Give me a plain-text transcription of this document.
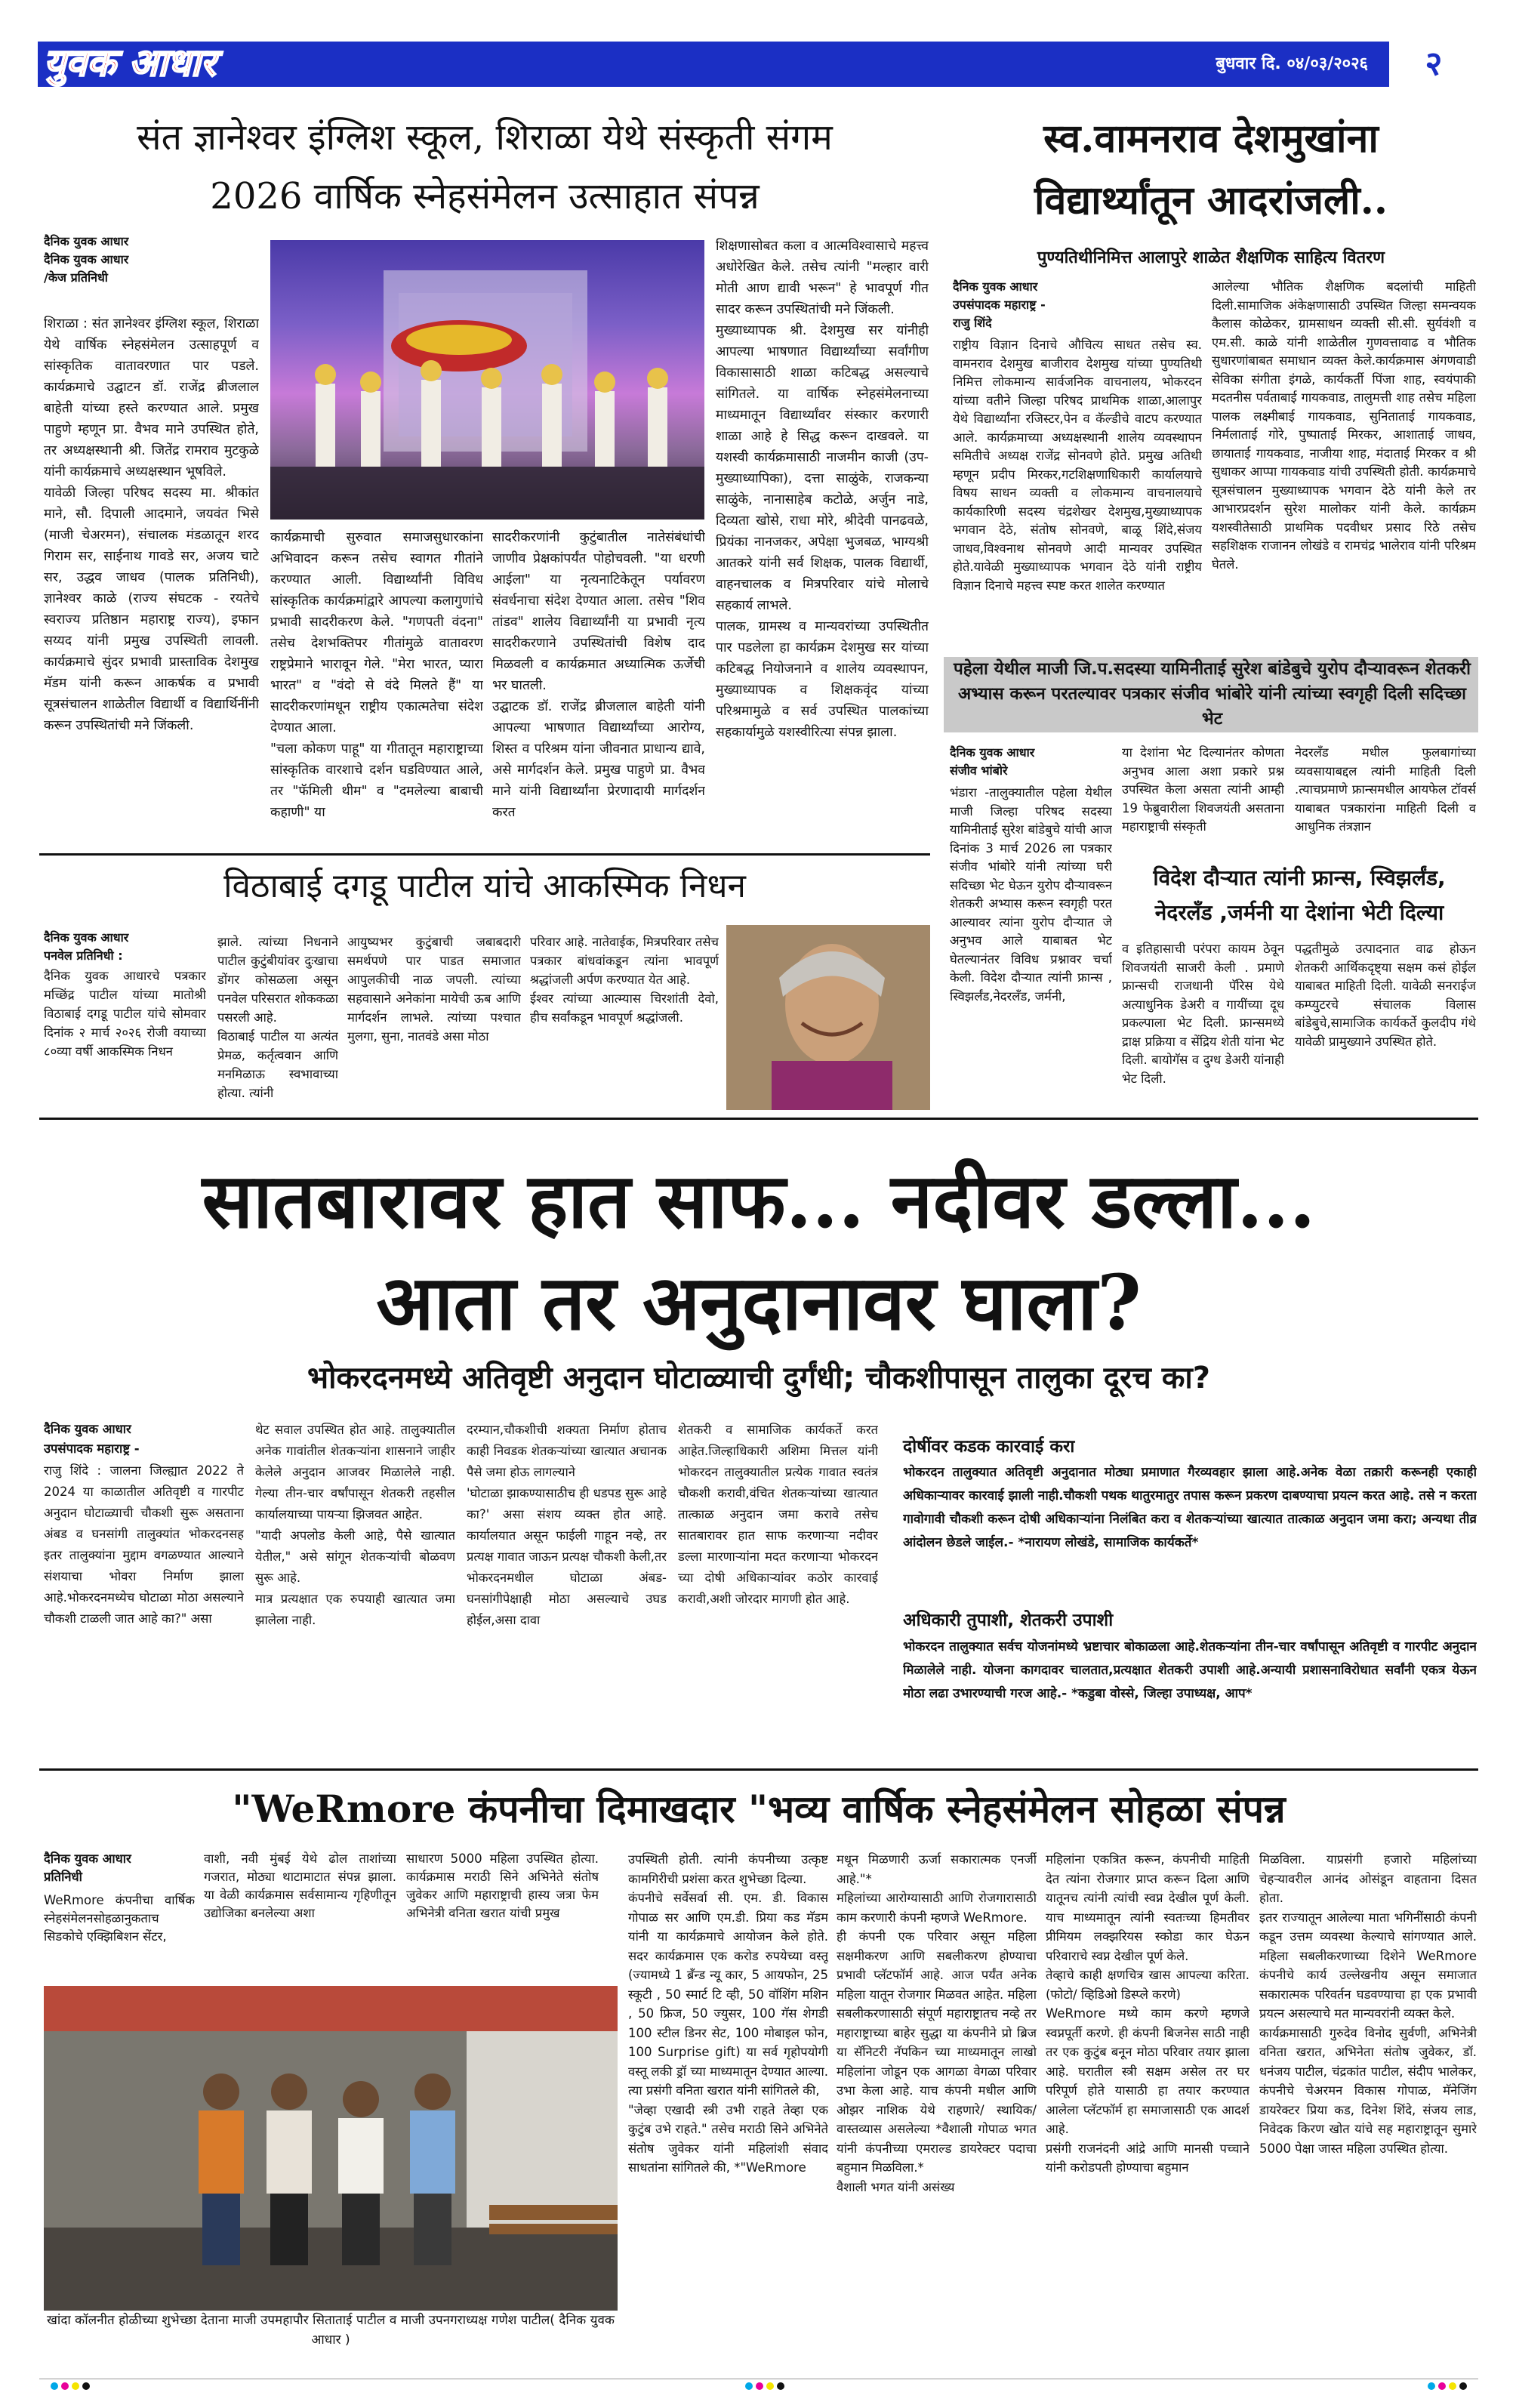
युवक आधार	बुधवार दि. ०४/०३/२०२६	२
संत ज्ञानेश्वर इंग्लिश स्कूल, शिराळा येथे संस्कृती संगम
2026 वार्षिक स्नेहसंमेलन उत्साहात संपन्न
दैनिक युवक आधार
दैनिक युवक आधार
/केज प्रतिनिधी
शिराळा : संत ज्ञानेश्वर इंग्लिश स्कूल, शिराळा येथे वार्षिक स्नेहसंमेलन उत्साहपूर्ण व सांस्कृतिक वातावरणात पार पडले. कार्यक्रमाचे उद्घाटन डॉ. राजेंद्र ब्रीजलाल बाहेती यांच्या हस्ते करण्यात आले. प्रमुख पाहुणे म्हणून प्रा. वैभव माने उपस्थित होते, तर अध्यक्षस्थानी श्री. जितेंद्र रामराव मुटकुळे यांनी कार्यक्रमाचे अध्यक्षस्थान भूषविले.
यावेळी जिल्हा परिषद सदस्य मा. श्रीकांत माने, सौ. दिपाली आदमाने, जयवंत भिसे (माजी चेअरमन), संचालक मंडळातून शरद गिराम सर, साईनाथ गावडे सर, अजय चाटे सर, उद्धव जाधव (पालक प्रतिनिधी), ज्ञानेश्वर काळे (राज्य संघटक - रयतेचे स्वराज्य प्रतिष्ठान महाराष्ट्र राज्य), इफान सय्यद यांनी प्रमुख उपस्थिती लावली. कार्यक्रमाचे सुंदर प्रभावी प्रास्ताविक देशमुख मॅडम यांनी करून आकर्षक व प्रभावी सूत्रसंचालन शाळेतील विद्यार्थी व विद्यार्थिनींनी करून उपस्थितांची मने जिंकली.
कार्यक्रमाची सुरुवात समाजसुधारकांना अभिवादन करून तसेच स्वागत गीतांने करण्यात आली. विद्यार्थ्यांनी विविध सांस्कृतिक कार्यक्रमांद्वारे आपल्या कलागुणांचे प्रभावी सादरीकरण केले. "गणपती वंदना" तसेच देशभक्तिपर गीतांमुळे वातावरण राष्ट्रप्रेमाने भारावून गेले. "मेरा भारत, प्यारा भारत" व "वंदो से वंदे मिलते हैं" या सादरीकरणांमधून राष्ट्रीय एकात्मतेचा संदेश देण्यात आला.
"चला कोकण पाहू" या गीतातून महाराष्ट्राच्या सांस्कृतिक वारशाचे दर्शन घडविण्यात आले, तर "फॅमिली थीम" व "दमलेल्या बाबाची कहाणी" या
सादरीकरणांनी कुटुंबातील नातेसंबंधांची जाणीव प्रेक्षकांपर्यंत पोहोचवली. "या धरणी आईला" या नृत्यनाटिकेतून पर्यावरण संवर्धनाचा संदेश देण्यात आला. तसेच "शिव तांडव" शालेय विद्यार्थ्यांनी या प्रभावी नृत्य सादरीकरणाने उपस्थितांची विशेष दाद मिळवली व कार्यक्रमात अध्यात्मिक ऊर्जेची भर घातली.
उद्घाटक डॉ. राजेंद्र ब्रीजलाल बाहेती यांनी आपल्या भाषणात विद्यार्थ्यांच्या आरोग्य, शिस्त व परिश्रम यांना जीवनात प्राधान्य द्यावे, असे मार्गदर्शन केले. प्रमुख पाहुणे प्रा. वैभव माने यांनी विद्यार्थ्यांना प्रेरणादायी मार्गदर्शन करत
शिक्षणासोबत कला व आत्मविश्वासाचे महत्त्व अधोरेखित केले. तसेच त्यांनी "मल्हार वारी मोती आण द्यावी भरून" हे भावपूर्ण गीत सादर करून उपस्थितांची मने जिंकली.
मुख्याध्यापक श्री. देशमुख सर यांनीही आपल्या भाषणात विद्यार्थ्यांच्या सर्वांगीण विकासासाठी शाळा कटिबद्ध असल्याचे सांगितले. या वार्षिक स्नेहसंमेलनाच्या माध्यमातून विद्यार्थ्यांवर संस्कार करणारी शाळा आहे हे सिद्ध करून दाखवले. या यशस्वी कार्यक्रमासाठी नाजमीन काजी (उप- मुख्याध्यापिका), दत्ता साळुंके, राजकन्या साळुंके, नानासाहेब कटोळे, अर्जुन नाडे, दिव्यता खोसे, राधा मोरे, श्रीदेवी पानढवळे, प्रियंका नानजकर, अपेक्षा भुजबळ, भाग्यश्री आतकरे यांनी सर्व शिक्षक, पालक विद्यार्थी, वाहनचालक व मित्रपरिवार यांचे मोलाचे सहकार्य लाभले.
पालक, ग्रामस्थ व मान्यवरांच्या उपस्थितीत पार पडलेला हा कार्यक्रम देशमुख सर यांच्या कटिबद्ध नियोजनाने व शालेय व्यवस्थापन, मुख्याध्यापक व शिक्षकवृंद यांच्या परिश्रमामुळे व सर्व उपस्थित पालकांच्या सहकार्यामुळे यशस्वीरित्या संपन्न झाला.
स्व.वामनराव देशमुखांना
विद्यार्थ्यांतून आदरांजली..
पुण्यतिथीनिमित्त आलापुरे शाळेत शैक्षणिक साहित्य वितरण
दैनिक युवक आधार
उपसंपादक महाराष्ट्र -
राजु शिंदे
राष्ट्रीय विज्ञान दिनाचे औचित्य साधत तसेच स्व. वामनराव देशमुख बाजीराव देशमुख यांच्या पुण्यतिथी निमित्त लोकमान्य सार्वजनिक वाचनालय, भोकरदन यांच्या वतीने जिल्हा परिषद प्राथमिक शाळा,आलापुर येथे विद्यार्थ्यांना रजिस्टर,पेन व कॅल्डीचे वाटप करण्यात आले. कार्यक्रमाच्या अध्यक्षस्थानी शालेय व्यवस्थापन समितीचे अध्यक्ष राजेंद्र सोनवणे होते. प्रमुख अतिथी म्हणून प्रदीप मिरकर,गटशिक्षणाधिकारी कार्यालयाचे विषय साधन व्यक्ती व लोकमान्य वाचनालयाचे कार्यकारिणी सदस्य चंद्रशेखर देशमुख,मुख्याध्यापक भगवान देठे, संतोष सोनवणे, बाळू शिंदे,संजय जाधव,विश्वनाथ सोनवणे आदी मान्यवर उपस्थित होते.यावेळी मुख्याध्यापक भगवान देठे यांनी राष्ट्रीय विज्ञान दिनाचे महत्त्व स्पष्ट करत शालेत करण्यात
आलेल्या भौतिक शैक्षणिक बदलांची माहिती दिली.सामाजिक अंकेक्षणासाठी उपस्थित जिल्हा समन्वयक कैलास कोळेकर, ग्रामसाधन व्यक्ती सी.सी. सुर्यवंशी व एम.सी. काळे यांनी शाळेतील गुणवत्तावाढ व भौतिक सुधारणांबाबत समाधान व्यक्त केले.कार्यक्रमास अंगणवाडी सेविका संगीता इंगळे, कार्यकर्ती पिंजा शाह, स्वयंपाकी मदतनीस पर्वताबाई गायकवाड, तालुमत्ती शाह तसेच महिला पालक लक्ष्मीबाई गायकवाड, सुनिताताई गायकवाड, निर्मलाताई गोरे, पुष्पाताई मिरकर, आशाताई जाधव, छायाताई गायकवाड, नाजीया शाह, मंदाताई मिरकर व श्री सुधाकर आप्पा गायकवाड यांची उपस्थिती होती. कार्यक्रमाचे सूत्रसंचालन मुख्याध्यापक भगवान देठे यांनी केले तर आभारप्रदर्शन सुरेश मालोकर यांनी केले. कार्यक्रम यशस्वीतेसाठी प्राथमिक पदवीधर प्रसाद रिठे तसेच सहशिक्षक राजानन लोखंडे व रामचंद्र भालेराव यांनी परिश्रम घेतले.
पहेला येथील माजी जि.प.सदस्या यामिनीताई सुरेश बांडेबुचे युरोप दौऱ्यावरून शेतकरी अभ्यास करून परतल्यावर पत्रकार संजीव भांबोरे यांनी त्यांच्या स्वगृही दिली सदिच्छा भेट
दैनिक युवक आधार
संजीव भांबोरे
भंडारा -तालुक्यातील पहेला येथील माजी जिल्हा परिषद सदस्या यामिनीताई सुरेश बांडेबुचे यांची आज दिनांक 3 मार्च 2026 ला पत्रकार संजीव भांबोरे यांनी त्यांच्या घरी सदिच्छा भेट घेऊन युरोप दौऱ्यावरून शेतकरी अभ्यास करून स्वगृही परत आल्यावर त्यांना युरोप दौऱ्यात जे अनुभव आले याबाबत भेट घेतल्यानंतर विविध प्रश्नावर चर्चा केली. विदेश दौऱ्यात त्यांनी फ्रान्स , स्विझर्लंड,नेदरलँड, जर्मनी,
या देशांना भेट दिल्यानंतर कोणता अनुभव आला अशा प्रकारे प्रश्न उपस्थित केला असता त्यांनी आम्ही 19 फेब्रुवारीला शिवजयंती असताना महाराष्ट्राची संस्कृती
नेदरलँड मधील फुलबागांच्या व्यवसायाबद्दल त्यांनी माहिती दिली .त्याचप्रमाणे फ्रान्समधील आयफेल टॉवर्स याबाबत पत्रकारांना माहिती दिली व आधुनिक तंत्रज्ञान
विदेश दौऱ्यात त्यांनी फ्रान्स, स्विझर्लंड, नेदरलँड ,जर्मनी या देशांना भेटी दिल्या
व इतिहासाची परंपरा कायम ठेवून शिवजयंती साजरी केली . प्रमाणे फ्रान्सची राजधानी पॅरिस येथे अत्याधुनिक डेअरी व गायींच्या दूध प्रकल्पाला भेट दिली. फ्रान्समध्ये द्राक्ष प्रक्रिया व सेंद्रिय शेती यांना भेट दिली. बायोगॅस व दुग्ध डेअरी यांनाही भेट दिली.
पद्धतीमुळे उत्पादनात वाढ होऊन शेतकरी आर्थिकदृष्ट्या सक्षम कसं होईल याबाबत माहिती दिली. यावेळी सनराईज कम्प्युटरचे संचालक विलास बांडेबुचे,सामाजिक कार्यकर्ते कुलदीप गंथे यावेळी प्रामुख्याने उपस्थित होते.
विठाबाई दगडू पाटील यांचे आकस्मिक निधन
दैनिक युवक आधार
पनवेल प्रतिनिधी :
दैनिक युवक आधारचे पत्रकार मच्छिंद्र पाटील यांच्या मातोश्री विठाबाई दगडू पाटील यांचे सोमवार दिनांक २ मार्च २०२६ रोजी वयाच्या ८०व्या वर्षी आकस्मिक निधन
झाले. त्यांच्या निधनाने पाटील कुटुंबीयांवर दुःखाचा डोंगर कोसळला असून पनवेल परिसरात शोककळा पसरली आहे.
विठाबाई पाटील या अत्यंत प्रेमळ, कर्तृत्ववान आणि मनमिळाऊ स्वभावाच्या होत्या. त्यांनी
आयुष्यभर कुटुंबाची जबाबदारी समर्थपणे पार पाडत समाजात आपुलकीची नाळ जपली. त्यांच्या सहवासाने अनेकांना मायेची ऊब आणि मार्गदर्शन लाभले. त्यांच्या पश्चात मुलगा, सुना, नातवंडे असा मोठा
परिवार आहे. नातेवाईक, मित्रपरिवार तसेच पत्रकार बांधवांकडून त्यांना भावपूर्ण श्रद्धांजली अर्पण करण्यात येत आहे.
ईश्वर त्यांच्या आत्म्यास चिरशांती देवो, हीच सर्वांकडून भावपूर्ण श्रद्धांजली.
सातबारावर हात साफ... नदीवर डल्ला...
आता तर अनुदानावर घाला?
भोकरदनमध्ये अतिवृष्टी अनुदान घोटाळ्याची दुर्गंधी; चौकशीपासून तालुका दूरच का?
दैनिक युवक आधार
उपसंपादक महाराष्ट्र -
राजु शिंदे : जालना जिल्ह्यात 2022 ते 2024 या काळातील अतिवृष्टी व गारपीट अनुदान घोटाळ्याची चौकशी सुरू असताना अंबड व घनसांगी तालुक्यांत भोकरदनसह इतर तालुक्यांना मुद्दाम वगळण्यात आल्याने संशयाचा भोवरा निर्माण झाला आहे.भोकरदनमध्येच घोटाळा मोठा असल्याने चौकशी टाळली जात आहे का?" असा
थेट सवाल उपस्थित होत आहे. तालुक्यातील अनेक गावांतील शेतकऱ्यांना शासनाने जाहीर केलेले अनुदान आजवर मिळालेले नाही. गेल्या तीन-चार वर्षांपासून शेतकरी तहसील कार्यालयाच्या पायऱ्या झिजवत आहेत.
"यादी अपलोड केली आहे, पैसे खात्यात येतील," असे सांगून शेतकऱ्यांची बोळवण सुरू आहे.
मात्र प्रत्यक्षात एक रुपयाही खात्यात जमा झालेला नाही.
दरम्यान,चौकशीची शक्यता निर्माण होताच काही निवडक शेतकऱ्यांच्या खात्यात अचानक पैसे जमा होऊ लागल्याने
'घोटाळा झाकण्यासाठीच ही धडपड सुरू आहे का?' असा संशय व्यक्त होत आहे. कार्यालयात असून फाईली गाहून नव्हे, तर प्रत्यक्ष गावात जाऊन प्रत्यक्ष चौकशी केली,तर भोकरदनमधील घोटाळा अंबड-घनसांगीपेक्षाही मोठा असल्याचे उघड होईल,असा दावा
शेतकरी व सामाजिक कार्यकर्ते करत आहेत.जिल्हाधिकारी अशिमा मित्तल यांनी भोकरदन तालुक्यातील प्रत्येक गावात स्वतंत्र चौकशी करावी,वंचित शेतकऱ्यांच्या खात्यात तात्काळ अनुदान जमा करावे तसेच सातबारावर हात साफ करणाऱ्या नदीवर डल्ला मारणाऱ्यांना मदत करणाऱ्या भोकरदन च्या दोषी अधिकाऱ्यांवर कठोर कारवाई करावी,अशी जोरदार मागणी होत आहे.
दोषींवर कडक कारवाई करा
भोकरदन तालुक्यात अतिवृष्टी अनुदानात मोठ्या प्रमाणात गैरव्यवहार झाला आहे.अनेक वेळा तक्रारी करूनही एकाही अधिकाऱ्यावर कारवाई झाली नाही.चौकशी पथक थातुरमातुर तपास करून प्रकरण दाबण्याचा प्रयत्न करत आहे. तसे न करता गावोगावी चौकशी करून दोषी अधिकाऱ्यांना निलंबित करा व शेतकऱ्यांच्या खात्यात तात्काळ अनुदान जमा करा; अन्यथा तीव्र आंदोलन छेडले जाईल.- *नारायण लोखंडे, सामाजिक कार्यकर्ते*
अधिकारी तुपाशी, शेतकरी उपाशी
भोकरदन तालुक्यात सर्वच योजनांमध्ये भ्रष्टाचार बोकाळला आहे.शेतकऱ्यांना तीन-चार वर्षांपासून अतिवृष्टी व गारपीट अनुदान मिळालेले नाही. योजना कागदावर चालतात,प्रत्यक्षात शेतकरी उपाशी आहे.अन्यायी प्रशासनाविरोधात सर्वांनी एकत्र येऊन मोठा लढा उभारण्याची गरज आहे.- *कडुबा वोस्से, जिल्हा उपाध्यक्ष, आप*
"WeRmore कंपनीचा दिमाखदार "भव्य वार्षिक स्नेहसंमेलन सोहळा संपन्न
दैनिक युवक आधार
प्रतिनिधी
WeRmore कंपनीचा वार्षिक स्नेहसंमेलनसोहळानुकताच सिडकोचे एक्झिबिशन सेंटर,
वाशी, नवी मुंबई येथे ढोल ताशांच्या गजरात, मोठ्या थाटामाटात संपन्न झाला. या वेळी कार्यक्रमास सर्वसामान्य गृहिणीतून उद्योजिका बनलेल्या अशा
साधारण 5000 महिला उपस्थित होत्या. कार्यक्रमास मराठी सिने अभिनेते संतोष जुवेकर आणि महाराष्ट्राची हास्य जत्रा फेम अभिनेत्री वनिता खरात यांची प्रमुख
खांदा कॉलनीत होळीच्या शुभेच्छा देताना माजी उपमहापौर सिताताई पाटील व माजी उपनगराध्यक्ष गणेश पाटील( दैनिक युवक आधार )
उपस्थिती होती. त्यांनी कंपनीच्या उत्कृष्ट कामगिरीची प्रशंसा करत शुभेच्छा दिल्या.
कंपनीचे सर्वेसर्वा सी. एम. डी. विकास गोपाळ सर आणि एम.डी. प्रिया कड मॅडम यांनी या कार्यक्रमाचे आयोजन केले होते. सदर कार्यक्रमास एक करोड रुपयेच्या वस्तू (ज्यामध्ये 1 ब्रँन्ड न्यू कार, 5 आयफोन, 25 स्कूटी , 50 स्मार्ट टि व्ही, 50 वॉशिंग मशिन , 50 फ्रिज, 50 ज्युसर, 100 गॅस शेगडी 100 स्टील डिनर सेट, 100 मोबाइल फोन, 100 Surprise gift) या सर्व गृहोपयोगी वस्तू लकी ड्रॉ च्या माध्यमातून देण्यात आल्या. त्या प्रसंगी वनिता खरात यांनी सांगितले की,
"जेव्हा एखादी स्त्री उभी राहते तेव्हा एक कुटुंब उभे राहते." तसेच मराठी सिने अभिनेते संतोष जुवेकर यांनी महिलांशी संवाद साधतांना सांगितले की, *"WeRmore
मधून मिळणारी ऊर्जा सकारात्मक एनर्जी आहे."*
महिलांच्या आरोग्यासाठी आणि रोजगारासाठी काम करणारी कंपनी म्हणजे WeRmore.
ही कंपनी एक परिवार असून महिला सक्षमीकरण आणि सबलीकरण होण्याचा प्रभावी प्लॅटफॉर्म आहे. आज पर्यंत अनेक महिला यातून रोजगार मिळवत आहेत. महिला सबलीकरणासाठी संपूर्ण महाराष्ट्रातच नव्हे तर महाराष्ट्राच्या बाहेर सुद्धा या कंपनीने प्रो ब्रिज या सॅनिटरी नॅपकिन च्या माध्यमातून लाखो महिलांना जोडून एक आगळा वेगळा परिवार उभा केला आहे. याच कंपनी मधील आणि ओझर नाशिक येथे राहणारे/ स्थायिक/ वास्तव्यास असलेल्या *वैशाली गोपाळ भगत यांनी कंपनीच्या एमराल्ड डायरेक्टर पदाचा बहुमान मिळविला.*
वैशाली भगत यांनी असंख्य
महिलांना एकत्रित करून, कंपनीची माहिती देत त्यांना रोजगार प्राप्त करून दिला आणि यातूनच त्यांनी त्यांची स्वप्न देखील पूर्ण केली. याच माध्यमातून त्यांनी स्वतःच्या हिमतीवर प्रीमियम लक्झरियस स्कोडा कार घेऊन परिवाराचे स्वप्न देखील पूर्ण केले.
तेव्हाचे काही क्षणचित्र खास आपल्या करिता. (फोटो/ व्हिडिओ डिस्प्ले करणे)
WeRmore मध्ये काम करणे म्हणजे स्वप्नपूर्ती करणे. ही कंपनी बिजनेस साठी नाही तर एक कुटुंब बनून मोठा परिवार तयार झाला आहे. घरातील स्त्री सक्षम असेल तर घर परिपूर्ण होते यासाठी हा तयार करण्यात आलेला प्लॅटफॉर्म हा समाजासाठी एक आदर्श आहे.
प्रसंगी राजनंदनी आंद्रे आणि मानसी पच्चाने यांनी करोडपती होण्याचा बहुमान
मिळविला. याप्रसंगी हजारो महिलांच्या चेहऱ्यावरील आनंद ओसंडून वाहताना दिसत होता.
इतर राज्यातून आलेल्या माता भगिनींसाठी कंपनी कडून उत्तम व्यवस्था केल्याचे सांगण्यात आले. महिला सबलीकरणाच्या दिशेने WeRmore कंपनीचे कार्य उल्लेखनीय असून समाजात सकारात्मक परिवर्तन घडवण्याचा हा एक प्रभावी प्रयत्न असल्याचे मत मान्यवरांनी व्यक्त केले.
कार्यक्रमासाठी गुरुदेव विनोद सुर्वणी, अभिनेत्री वनिता खरात, अभिनेता संतोष जुवेकर, डॉ. धनंजय पाटील, चंद्रकांत पाटील, संदीप भालेकर, कंपनीचे चेअरमन विकास गोपाळ, मॅनेजिंग डायरेक्टर प्रिया कड, दिनेश शिंदे, संजय लाड, निवेदक किरण खोत यांचे सह महाराष्ट्रातून सुमारे 5000 पेक्षा जास्त महिला उपस्थित होत्या.
